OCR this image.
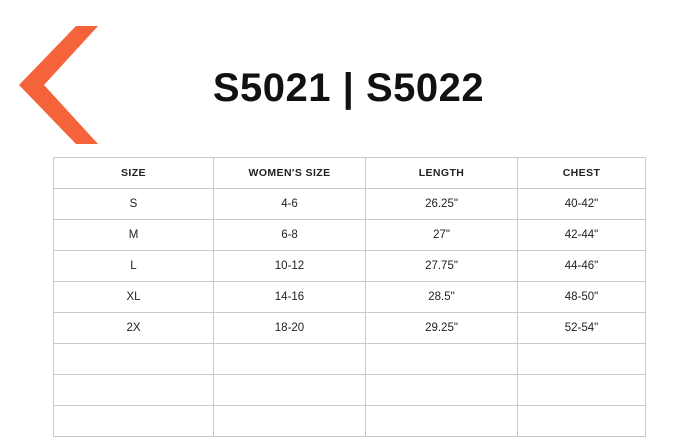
S5021 | S5022
SIZE	WOMEN'S SIZE	LENGTH	CHEST
S	4-6	26.25"	40-42"
M	6-8	27"	42-44"
L	10-12	27.75"	44-46"
XL	14-16	28.5"	48-50"
2X	18-20	29.25"	52-54"
